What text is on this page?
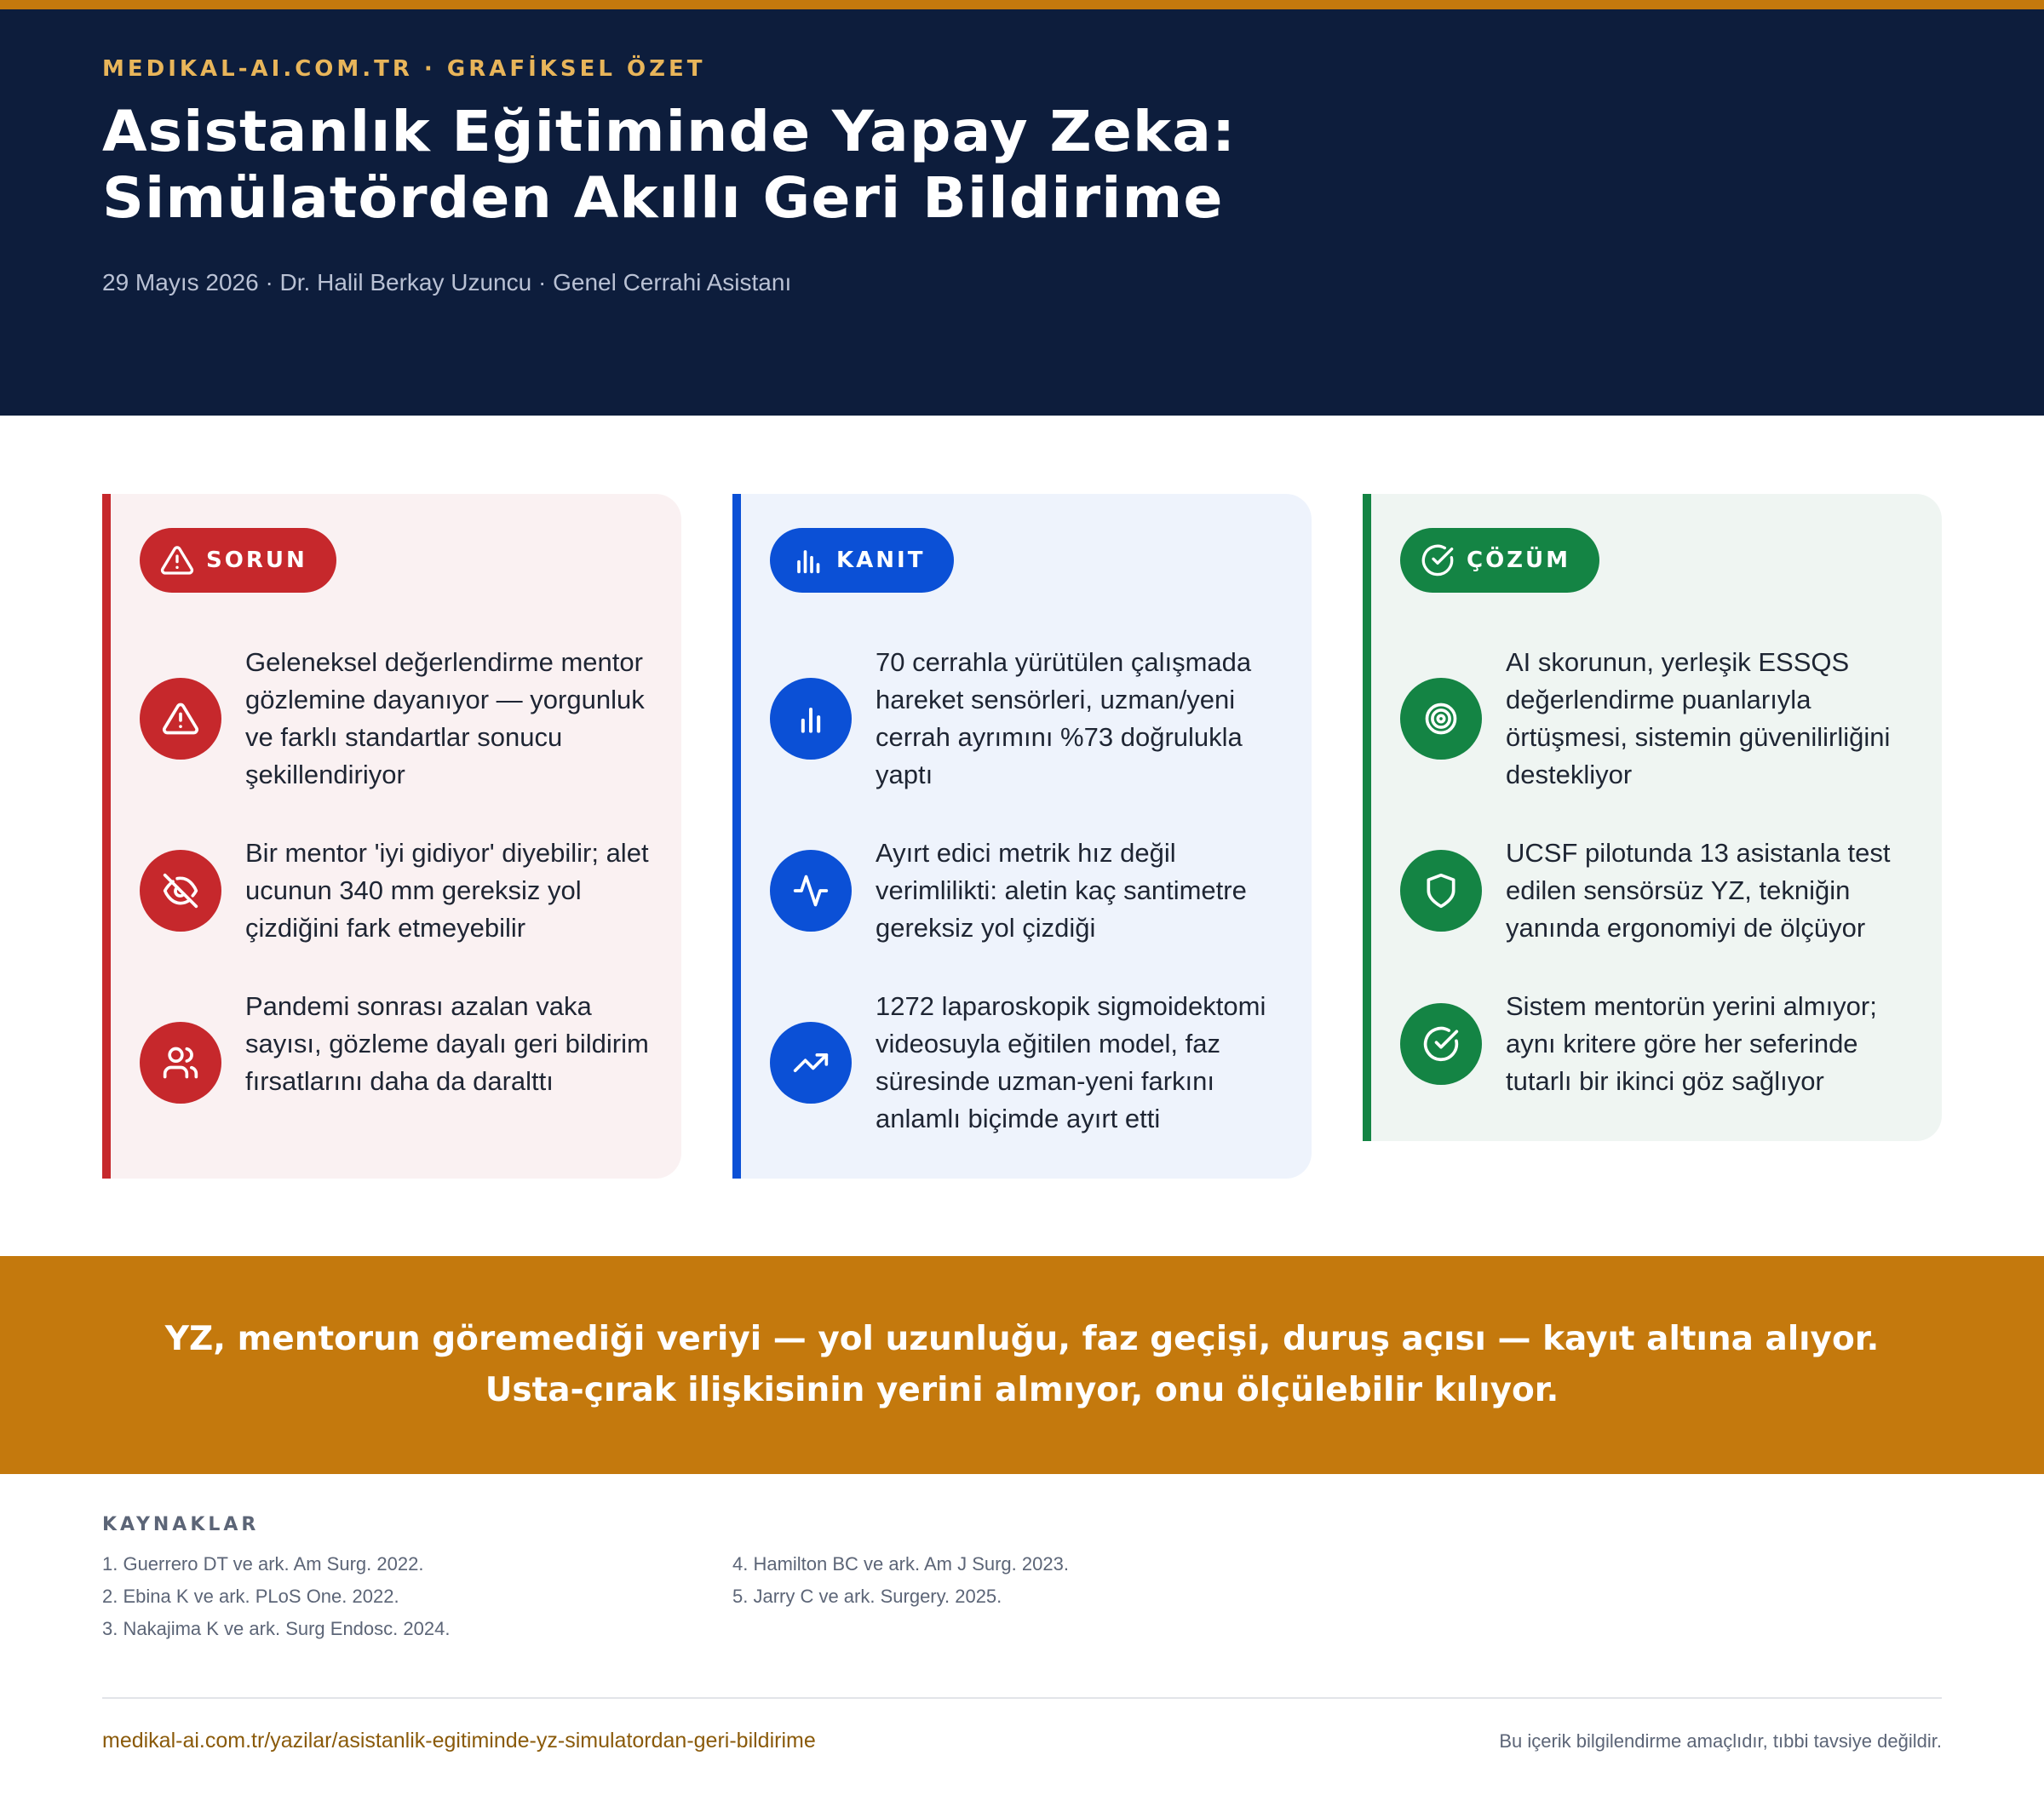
MEDIKAL-AI.COM.TR · GRAFİKSEL ÖZET
Asistanlık Eğitiminde Yapay Zeka:
Simülatörden Akıllı Geri Bildirime
29 Mayıs 2026 · Dr. Halil Berkay Uzuncu · Genel Cerrahi Asistanı
SORUN
Geleneksel değerlendirme mentor gözlemine dayanıyor — yorgunluk ve farklı standartlar sonucu şekillendiriyor
Bir mentor 'iyi gidiyor' diyebilir; alet ucunun 340 mm gereksiz yol çizdiğini fark etmeyebilir
Pandemi sonrası azalan vaka sayısı, gözleme dayalı geri bildirim fırsatlarını daha da daralttı
KANIT
70 cerrahla yürütülen çalışmada hareket sensörleri, uzman/yeni cerrah ayrımını %73 doğrulukla yaptı
Ayırt edici metrik hız değil verimlilikti: aletin kaç santimetre gereksiz yol çizdiği
1272 laparoskopik sigmoidektomi videosuyla eğitilen model, faz süresinde uzman-yeni farkını anlamlı biçimde ayırt etti
ÇÖZÜM
AI skorunun, yerleşik ESSQS değerlendirme puanlarıyla örtüşmesi, sistemin güvenilirliğini destekliyor
UCSF pilotunda 13 asistanla test edilen sensörsüz YZ, tekniğin yanında ergonomiyi de ölçüyor
Sistem mentorün yerini almıyor; aynı kritere göre her seferinde tutarlı bir ikinci göz sağlıyor
YZ, mentorun göremediği veriyi — yol uzunluğu, faz geçişi, duruş açısı — kayıt altına alıyor.
Usta-çırak ilişkisinin yerini almıyor, onu ölçülebilir kılıyor.
KAYNAKLAR
1. Guerrero DT ve ark. Am Surg. 2022.
2. Ebina K ve ark. PLoS One. 2022.
3. Nakajima K ve ark. Surg Endosc. 2024.
4. Hamilton BC ve ark. Am J Surg. 2023.
5. Jarry C ve ark. Surgery. 2025.
medikal-ai.com.tr/yazilar/asistanlik-egitiminde-yz-simulatordan-geri-bildirime	Bu içerik bilgilendirme amaçlıdır, tıbbi tavsiye değildir.
